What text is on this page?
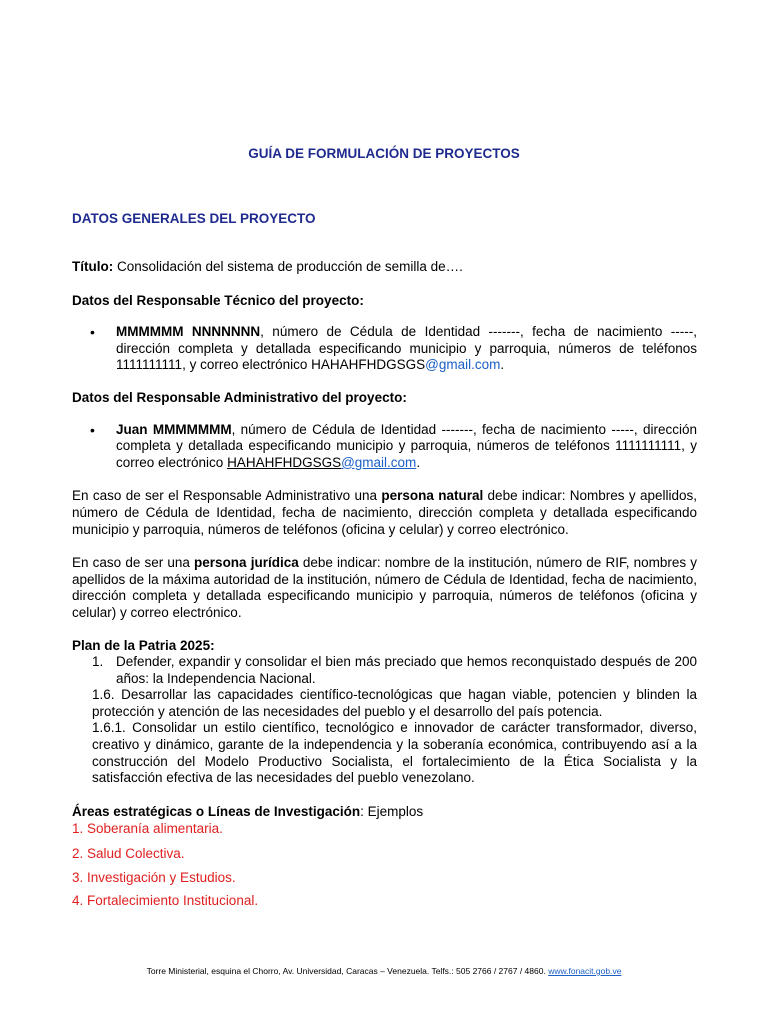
GUÍA DE FORMULACIÓN DE PROYECTOS
DATOS GENERALES DEL PROYECTO

Título: Consolidación del sistema de producción de semilla de….

Datos del Responsable Técnico del proyecto:

• MMMMMM NNNNNNN, número de Cédula de Identidad -------, fecha de nacimiento -----, dirección completa y detallada especificando municipio y parroquia, números de teléfonos 1111111111, y correo electrónico HAHAHFHDGSGS@gmail.com.

Datos del Responsable Administrativo del proyecto:

• Juan MMMMMMM, número de Cédula de Identidad -------, fecha de nacimiento -----, dirección completa y detallada especificando municipio y parroquia, números de teléfonos 1111111111, y correo electrónico HAHAHFHDGSGS@gmail.com.

En caso de ser el Responsable Administrativo una persona natural debe indicar: Nombres y apellidos, número de Cédula de Identidad, fecha de nacimiento, dirección completa y detallada especificando municipio y parroquia, números de teléfonos (oficina y celular) y correo electrónico.

En caso de ser una persona jurídica debe indicar: nombre de la institución, número de RIF, nombres y apellidos de la máxima autoridad de la institución, número de Cédula de Identidad, fecha de nacimiento, dirección completa y detallada especificando municipio y parroquia, números de teléfonos (oficina y celular) y correo electrónico.

Plan de la Patria 2025:

1. Defender, expandir y consolidar el bien más preciado que hemos reconquistado después de 200 años: la Independencia Nacional.

1.6. Desarrollar las capacidades científico-tecnológicas que hagan viable, potencien y blinden la protección y atención de las necesidades del pueblo y el desarrollo del país potencia.

1.6.1. Consolidar un estilo científico, tecnológico e innovador de carácter transformador, diverso, creativo y dinámico, garante de la independencia y la soberanía económica, contribuyendo así a la construcción del Modelo Productivo Socialista, el fortalecimiento de la Ética Socialista y la satisfacción efectiva de las necesidades del pueblo venezolano.

Áreas estratégicas o Líneas de Investigación: Ejemplos

1. Soberanía alimentaria.

2. Salud Colectiva.

3. Investigación y Estudios.

4. Fortalecimiento Institucional.

Torre Ministerial, esquina el Chorro, Av. Universidad, Caracas – Venezuela. Telfs.: 505 2766 / 2767 / 4860. www.fonacit.gob.ve
